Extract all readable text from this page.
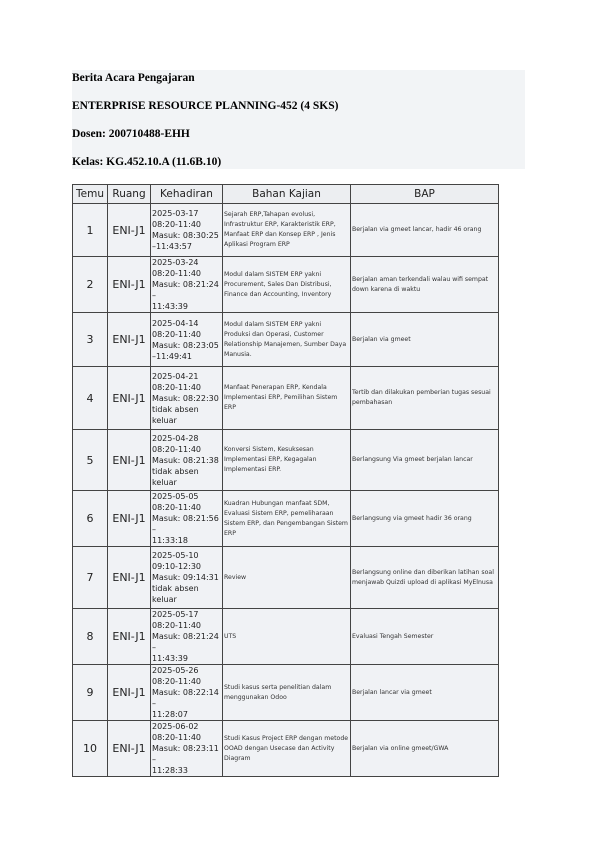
Berita Acara Pengajaran
ENTERPRISE RESOURCE PLANNING-452 (4 SKS)
Dosen: 200710488-EHH
Kelas: KG.452.10.A (11.6B.10)
Temu	Ruang	Kehadiran	Bahan Kajian	BAP
1	ENI-J1	2025-03-17
08:20-11:40
Masuk: 08:30:25
–11:43:57	Sejarah ERP,Tahapan evolusi, Infrastruktur ERP, Karakteristik ERP, Manfaat ERP dan Konsep ERP , Jenis Aplikasi Program ERP	Berjalan via gmeet lancar, hadir 46 orang
2	ENI-J1	2025-03-24
08:20-11:40
Masuk: 08:21:24 –
11:43:39	Modul dalam SISTEM ERP yakni Procurement, Sales Dan Distribusi, Finance dan Accounting, Inventory	Berjalan aman terkendali walau wifi sempat down karena di waktu
3	ENI-J1	2025-04-14
08:20-11:40
Masuk: 08:23:05
–11:49:41	Modul dalam SISTEM ERP yakni Produksi dan Operasi, Customer Relationship Manajemen, Sumber Daya Manusia.	Berjalan via gmeet
4	ENI-J1	2025-04-21
08:20-11:40
Masuk: 08:22:30
tidak absen
keluar	Manfaat Penerapan ERP, Kendala Implementasi ERP, Pemilihan Sistem ERP	Tertib dan dilakukan pemberian tugas sesuai pembahasan
5	ENI-J1	2025-04-28
08:20-11:40
Masuk: 08:21:38
tidak absen
keluar	Konversi Sistem, Kesuksesan Implementasi ERP, Kegagalan Implementasi ERP.	Berlangsung Via gmeet berjalan lancar
6	ENI-J1	2025-05-05
08:20-11:40
Masuk: 08:21:56 –
11:33:18	Kuadran Hubungan manfaat SDM, Evaluasi Sistem ERP, pemeliharaan Sistem ERP, dan Pengembangan Sistem ERP	Berlangsung via gmeet hadir 36 orang
7	ENI-J1	2025-05-10
09:10-12:30
Masuk: 09:14:31
tidak absen
keluar	Review	Berlangsung online dan diberikan latihan soal menjawab Quizdi upload di aplikasi MyElnusa
8	ENI-J1	2025-05-17
08:20-11:40
Masuk: 08:21:24 –
11:43:39	UTS	Evaluasi Tengah Semester
9	ENI-J1	2025-05-26
08:20-11:40
Masuk: 08:22:14 –
11:28:07	Studi kasus serta penelitian dalam menggunakan Odoo	Berjalan lancar via gmeet
10	ENI-J1	2025-06-02
08:20-11:40
Masuk: 08:23:11 –
11:28:33	Studi Kasus Project ERP dengan metode OOAD dengan Usecase dan Activity Diagram	Berjalan via online gmeet/GWA
